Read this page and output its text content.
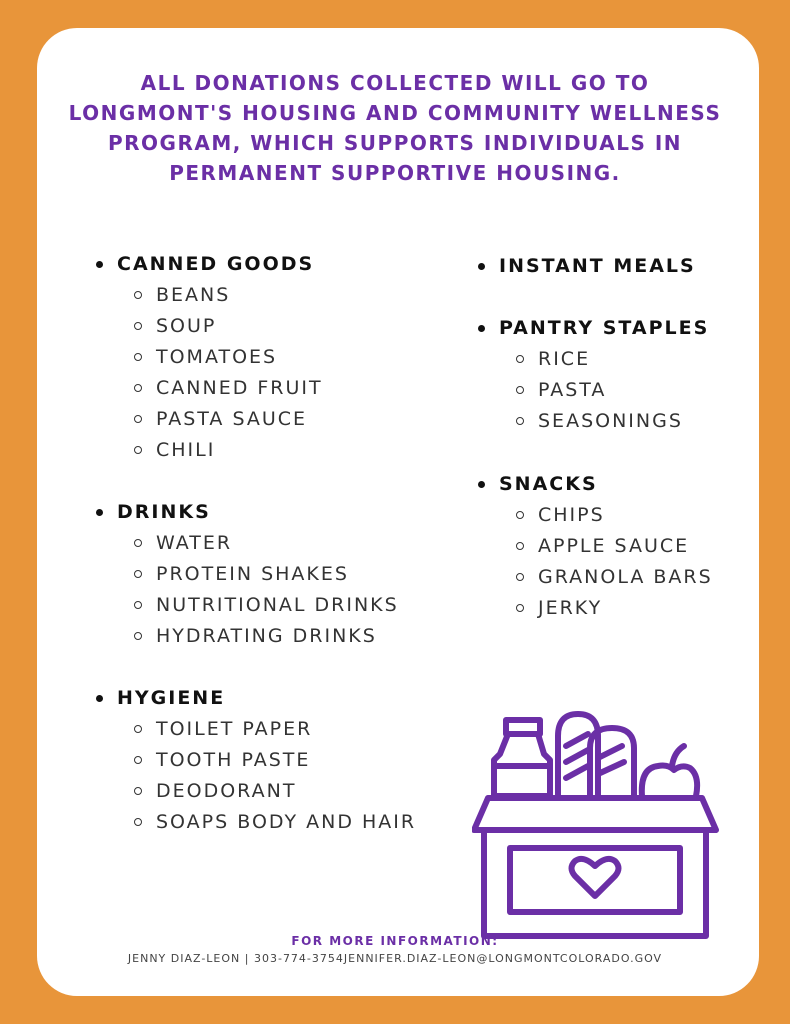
ALL DONATIONS COLLECTED WILL GO TO
LONGMONT'S HOUSING AND COMMUNITY WELLNESS
PROGRAM, WHICH SUPPORTS INDIVIDUALS IN
PERMANENT SUPPORTIVE HOUSING.
CANNED GOODS
BEANS
SOUP
TOMATOES
CANNED FRUIT
PASTA SAUCE
CHILI
DRINKS
WATER
PROTEIN SHAKES
NUTRITIONAL DRINKS
HYDRATING DRINKS
HYGIENE
TOILET PAPER
TOOTH PASTE
DEODORANT
SOAPS BODY AND HAIR
INSTANT MEALS
PANTRY STAPLES
RICE
PASTA
SEASONINGS
SNACKS
CHIPS
APPLE SAUCE
GRANOLA BARS
JERKY
FOR MORE INFORMATION:
JENNY DIAZ-LEON | 303-774-3754JENNIFER.DIAZ-LEON@LONGMONTCOLORADO.GOV
